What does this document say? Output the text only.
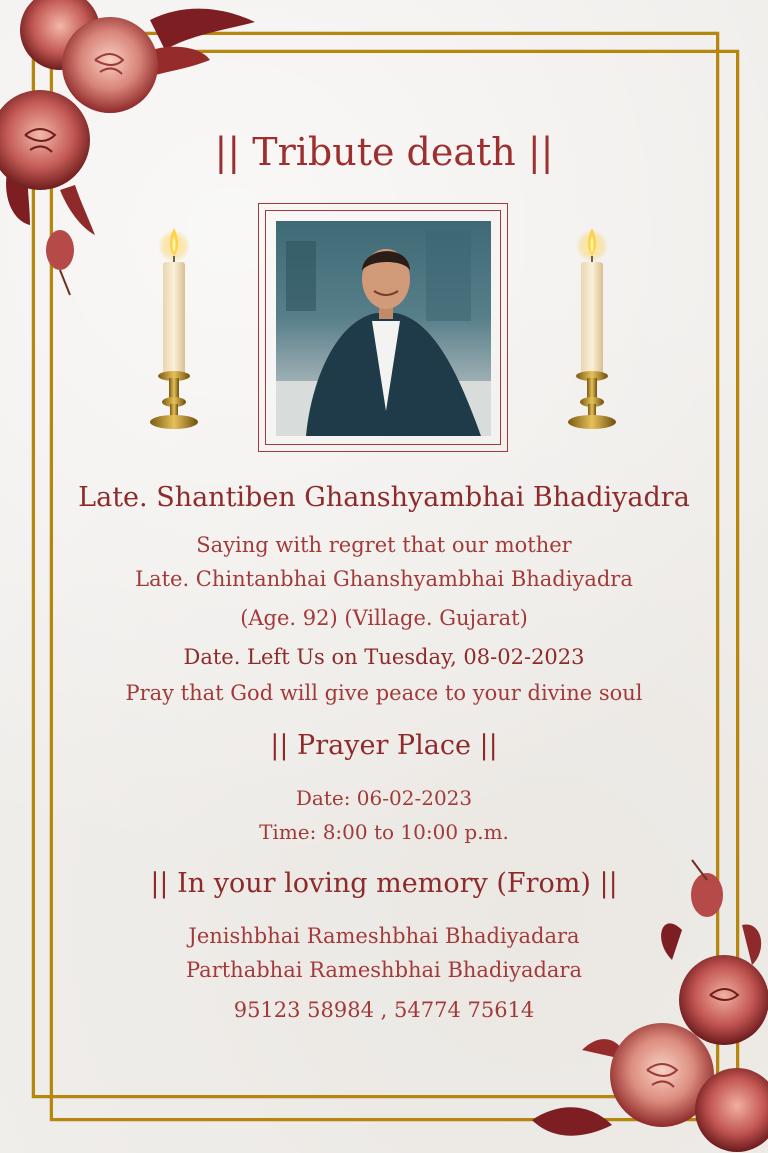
|| Tribute death ||
Late. Shantiben Ghanshyambhai Bhadiyadra
Saying with regret that our mother
Late. Chintanbhai Ghanshyambhai Bhadiyadra
(Age. 92) (Village. Gujarat)
Date. Left Us on Tuesday, 08-02-2023
Pray that God will give peace to your divine soul
|| Prayer Place ||
Date: 06-02-2023
Time: 8:00 to 10:00 p.m.
|| In your loving memory (From) ||
Jenishbhai Rameshbhai Bhadiyadara
Parthabhai Rameshbhai Bhadiyadara
95123 58984 , 54774 75614
